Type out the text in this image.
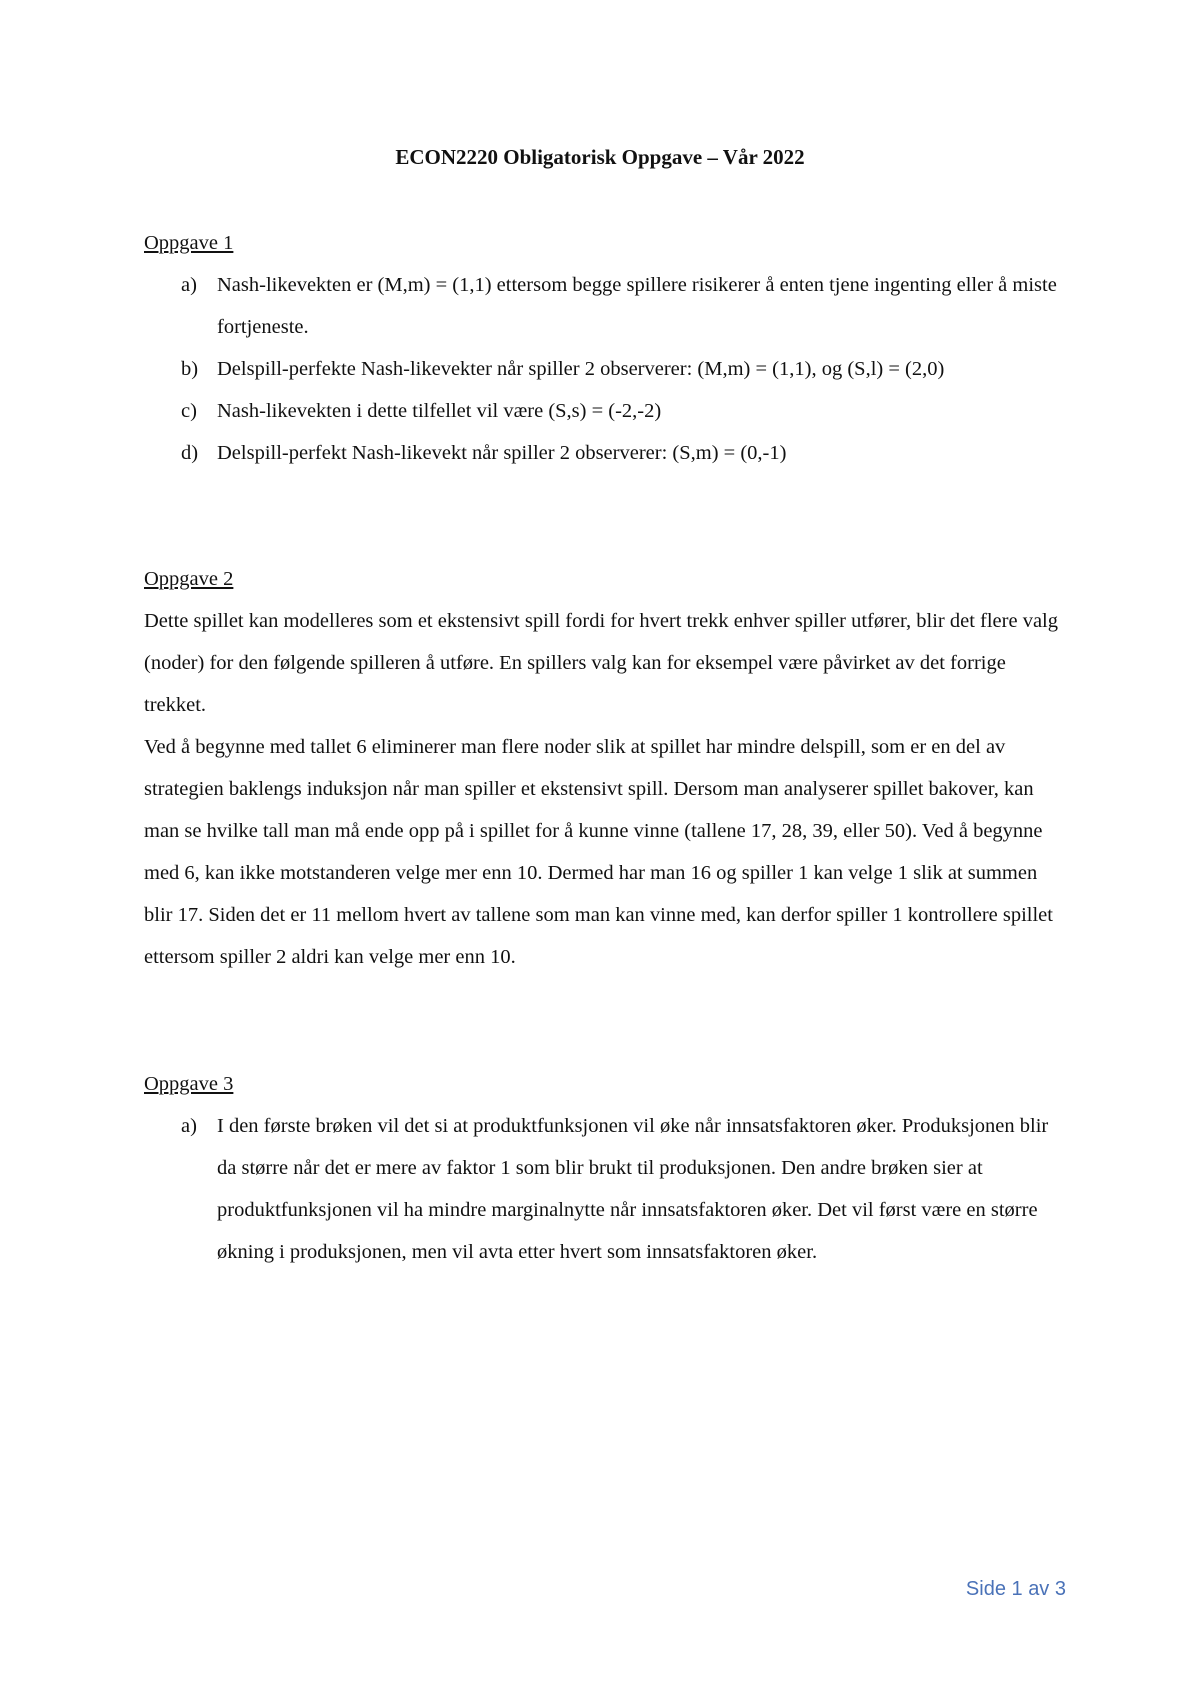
ECON2220 Obligatorisk Oppgave – Vår 2022
Oppgave 1
a) Nash-likevekten er (M,m) = (1,1) ettersom begge spillere risikerer å enten tjene ingenting eller å miste fortjeneste.
b) Delspill-perfekte Nash-likevekter når spiller 2 observerer: (M,m) = (1,1), og (S,l) = (2,0)
c) Nash-likevekten i dette tilfellet vil være (S,s) = (-2,-2)
d) Delspill-perfekt Nash-likevekt når spiller 2 observerer: (S,m) = (0,-1)
Oppgave 2

Dette spillet kan modelleres som et ekstensivt spill fordi for hvert trekk enhver spiller utfører, blir det flere valg (noder) for den følgende spilleren å utføre. En spillers valg kan for eksempel være påvirket av det forrige trekket.

Ved å begynne med tallet 6 eliminerer man flere noder slik at spillet har mindre delspill, som er en del av strategien baklengs induksjon når man spiller et ekstensivt spill. Dersom man analyserer spillet bakover, kan man se hvilke tall man må ende opp på i spillet for å kunne vinne (tallene 17, 28, 39, eller 50). Ved å begynne med 6, kan ikke motstanderen velge mer enn 10. Dermed har man 16 og spiller 1 kan velge 1 slik at summen blir 17. Siden det er 11 mellom hvert av tallene som man kan vinne med, kan derfor spiller 1 kontrollere spillet ettersom spiller 2 aldri kan velge mer enn 10.

Oppgave 3
a) I den første brøken vil det si at produktfunksjonen vil øke når innsatsfaktoren øker. Produksjonen blir da større når det er mere av faktor 1 som blir brukt til produksjonen. Den andre brøken sier at produktfunksjonen vil ha mindre marginalnytte når innsatsfaktoren øker. Det vil først være en større økning i produksjonen, men vil avta etter hvert som innsatsfaktoren øker.
Side 1 av 3
